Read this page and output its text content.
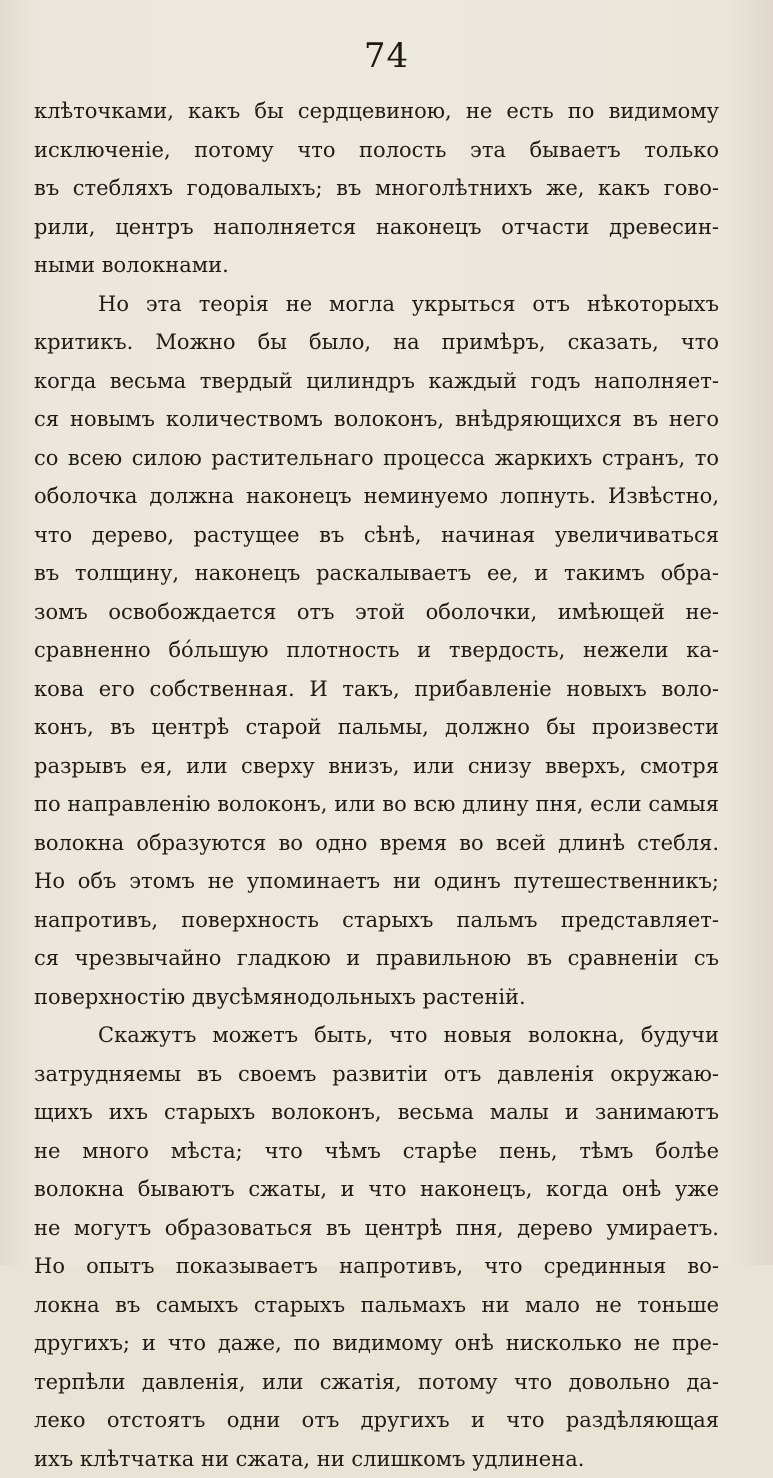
74
клѣточками, какъ бы сердцевиною, не есть по видимому
исключенiе, потому что полость эта бываетъ только
въ стебляхъ годовалыхъ; въ многолѣтнихъ же, какъ гово-
рили, центръ наполняется наконецъ отчасти древесин-
ными волокнами.
Но эта теорiя не могла укрыться отъ нѣкоторыхъ
критикъ. Можно бы было, на примѣръ, сказать, что
когда весьма твердый цилиндръ каждый годъ наполняет-
ся новымъ количествомъ волоконъ, внѣдряющихся въ него
со всею силою растительнаго процесса жаркихъ странъ, то
оболочка должна наконецъ неминуемо лопнуть. Извѣстно,
что дерево, растущее въ сѣнѣ, начиная увеличиваться
въ толщину, наконецъ раскалываетъ ее, и такимъ обра-
зомъ освобождается отъ этой оболочки, имѣющей не-
сравненно бо́льшую плотность и твердость, нежели ка-
кова его собственная. И такъ, прибавленiе новыхъ воло-
конъ, въ центрѣ старой пальмы, должно бы произвести
разрывъ ея, или сверху внизъ, или снизу вверхъ, смотря
по направленiю волоконъ, или во всю длину пня, если самыя
волокна образуются во одно время во всей длинѣ стебля.
Но объ этомъ не упоминаетъ ни одинъ путешественникъ;
напротивъ, поверхность старыхъ пальмъ представляет-
ся чрезвычайно гладкою и правильною въ сравненiи съ
поверхностiю двусѣмянодольныхъ растенiй.
Скажутъ можетъ быть, что новыя волокна, будучи
затрудняемы въ своемъ развитiи отъ давленiя окружаю-
щихъ ихъ старыхъ волоконъ, весьма малы и занимаютъ
не много мѣста; что чѣмъ старѣе пень, тѣмъ болѣе
волокна бываютъ сжаты, и что наконецъ, когда онѣ уже
не могутъ образоваться въ центрѣ пня, дерево умираетъ.
Но опытъ показываетъ напротивъ, что срединныя во-
локна въ самыхъ старыхъ пальмахъ ни мало не тоньше
другихъ; и что даже, по видимому онѣ нисколько не пре-
терпѣли давленiя, или сжатiя, потому что довольно да-
леко отстоятъ одни отъ другихъ и что раздѣляющая
ихъ клѣтчатка ни сжата, ни слишкомъ удлинена.
